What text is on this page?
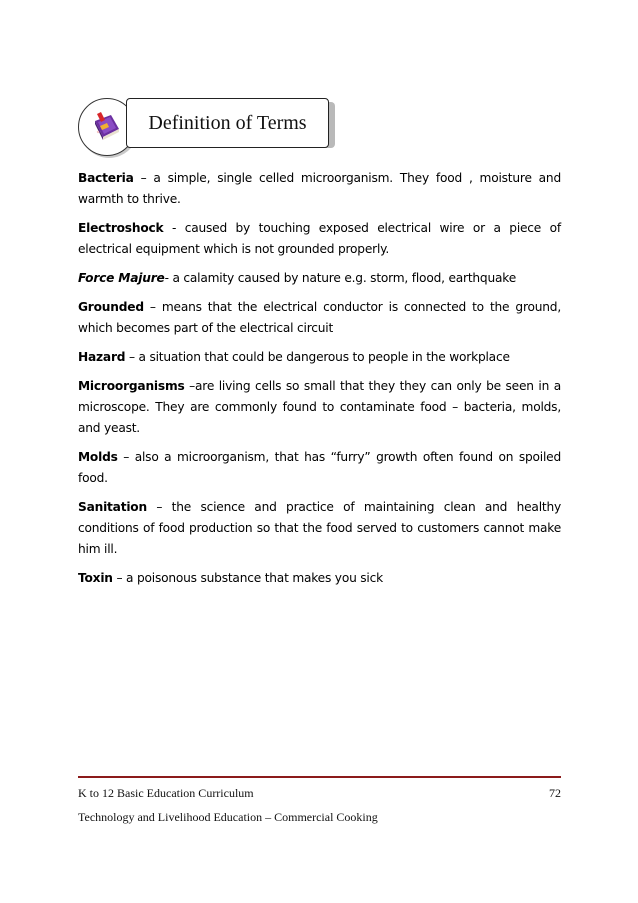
Definition of Terms

Bacteria – a simple, single celled microorganism. They food , moisture and warmth to thrive.

Electroshock - caused by touching exposed electrical wire or a piece of electrical equipment which is not grounded properly.

Force Majure- a calamity caused by nature e.g. storm, flood, earthquake

Grounded – means that the electrical conductor is connected to the ground, which becomes part of the electrical circuit

Hazard – a situation that could be dangerous to people in the workplace

Microorganisms –are living cells so small that they they can only be seen in a microscope. They are commonly found to contaminate food – bacteria, molds, and yeast.

Molds – also a microorganism, that has “furry” growth often found on spoiled food.

Sanitation – the science and practice of maintaining clean and healthy conditions of food production so that the food served to customers cannot make him ill.

Toxin – a poisonous substance that makes you sick

K to 12 Basic Education Curriculum	72
Technology and Livelihood Education – Commercial Cooking
